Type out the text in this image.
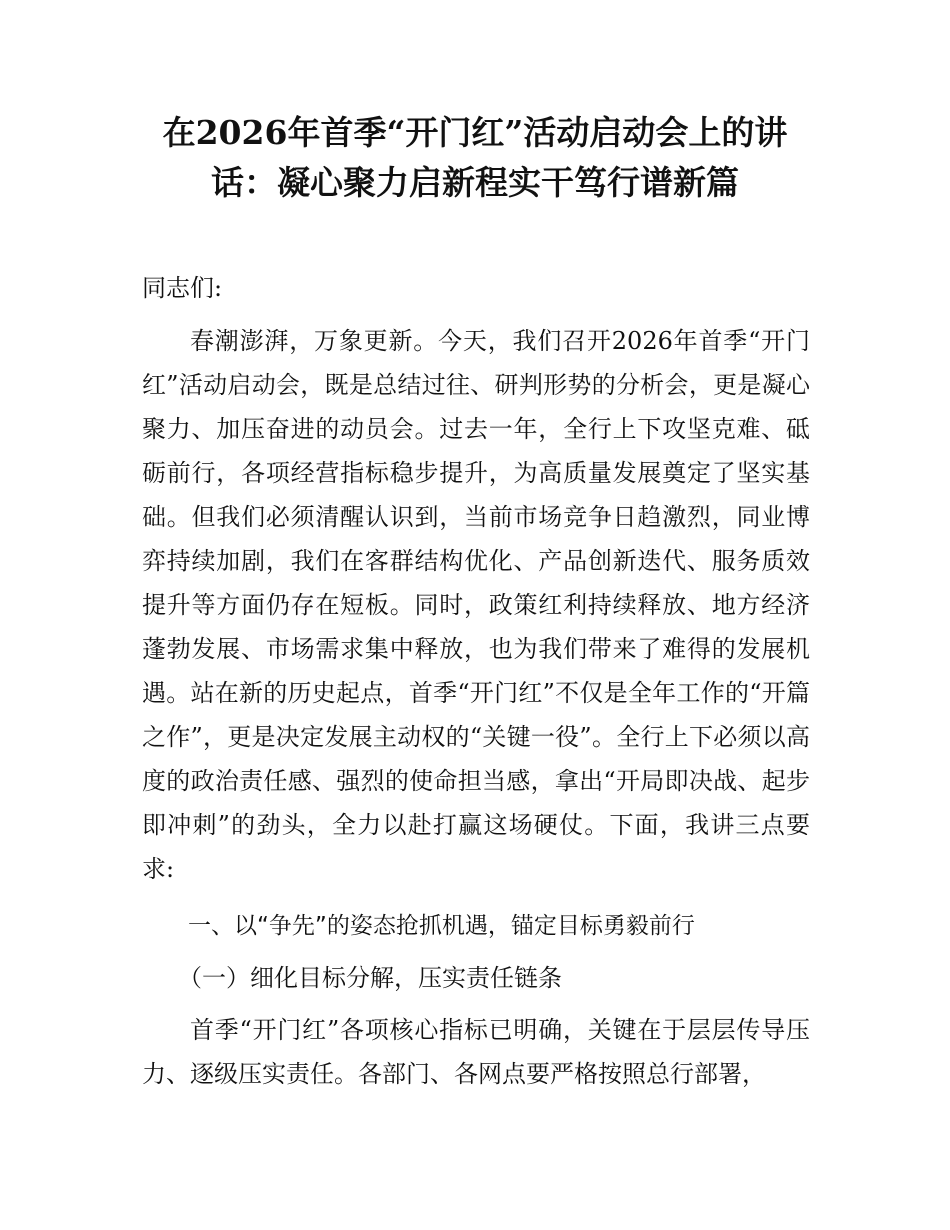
在2026年首季“开门红”活动启动会上的讲话：凝心聚力启新程实干笃行谱新篇

同志们:

春潮澎湃，万象更新。今天，我们召开2026年首季“开门红”活动启动会，既是总结过往、研判形势的分析会，更是凝心聚力、加压奋进的动员会。过去一年，全行上下攻坚克难、砥砺前行，各项经营指标稳步提升，为高质量发展奠定了坚实基础。但我们必须清醒认识到，当前市场竞争日趋激烈，同业博弈持续加剧，我们在客群结构优化、产品创新迭代、服务质效提升等方面仍存在短板。同时，政策红利持续释放、地方经济蓬勃发展、市场需求集中释放，也为我们带来了难得的发展机遇。站在新的历史起点，首季“开门红”不仅是全年工作的“开篇之作”，更是决定发展主动权的“关键一役”。全行上下必须以高度的政治责任感、强烈的使命担当感，拿出“开局即决战、起步即冲刺”的劲头，全力以赴打赢这场硬仗。下面，我讲三点要求:

一、以“争先”的姿态抢抓机遇，锚定目标勇毅前行

（一）细化目标分解，压实责任链条

首季“开门红”各项核心指标已明确，关键在于层层传导压力、逐级压实责任。各部门、各网点要严格按照总行部署，
